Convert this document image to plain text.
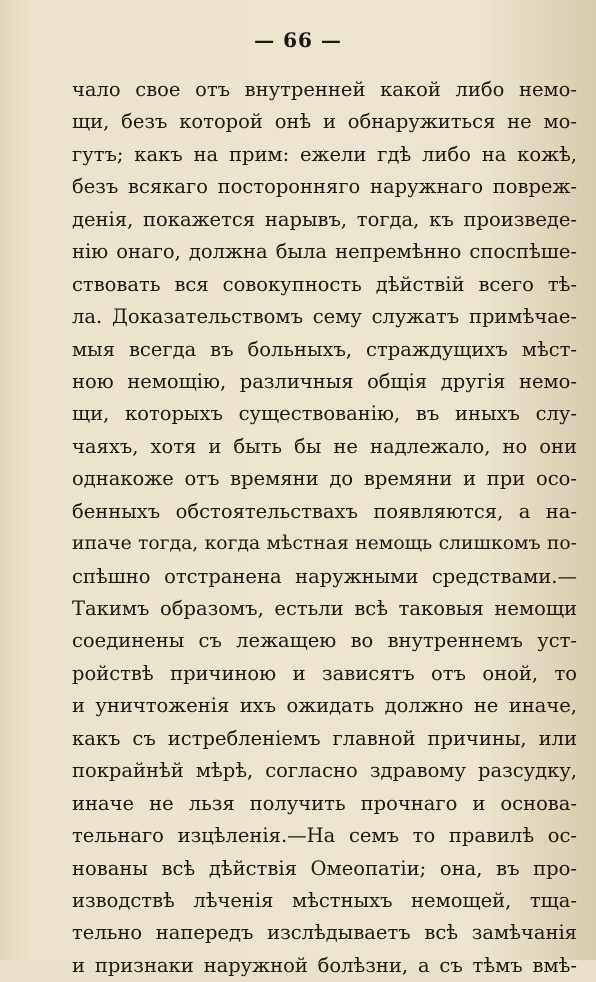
— 66 —
чало свое отъ внутренней какой либо немо-
щи, безъ которой онѣ и обнаружиться не мо-
гутъ; какъ на прим: ежели гдѣ либо на кожѣ,
безъ всякаго посторонняго наружнаго повреж-
денія, покажется нарывъ, тогда, къ произведе-
нію онаго, должна была непремѣнно споспѣше-
ствовать вся совокупность дѣйствій всего тѣ-
ла. Доказательствомъ сему служатъ примѣчае-
мыя всегда въ больныхъ, страждущихъ мѣст-
ною немощію, различныя общія другія немо-
щи, которыхъ существованію, въ иныхъ слу-
чаяхъ, хотя и быть бы не надлежало, но они
однакоже отъ времяни до времяни и при осо-
бенныхъ обстоятельствахъ появляются, а на-
ипаче тогда, когда мѣстная немощь слишкомъ по-
спѣшно отстранена наружными средствами.—
Такимъ образомъ, естьли всѣ таковыя немощи
соединены съ лежащею во внутреннемъ уст-
ройствѣ причиною и зависятъ отъ оной, то
и уничтоженія ихъ ожидать должно не иначе,
какъ съ истребленіемъ главной причины, или
покрайнѣй мѣрѣ, согласно здравому разсудку,
иначе не льзя получить прочнаго и основа-
тельнаго изцѣленія.—На семъ то правилѣ ос-
нованы всѣ дѣйствія Омеопатіи; она, въ про-
изводствѣ лѣченія мѣстныхъ немощей, тща-
тельно напередъ изслѣдываетъ всѣ замѣчанія
и признаки наружной болѣзни, а съ тѣмъ вмѣ-
